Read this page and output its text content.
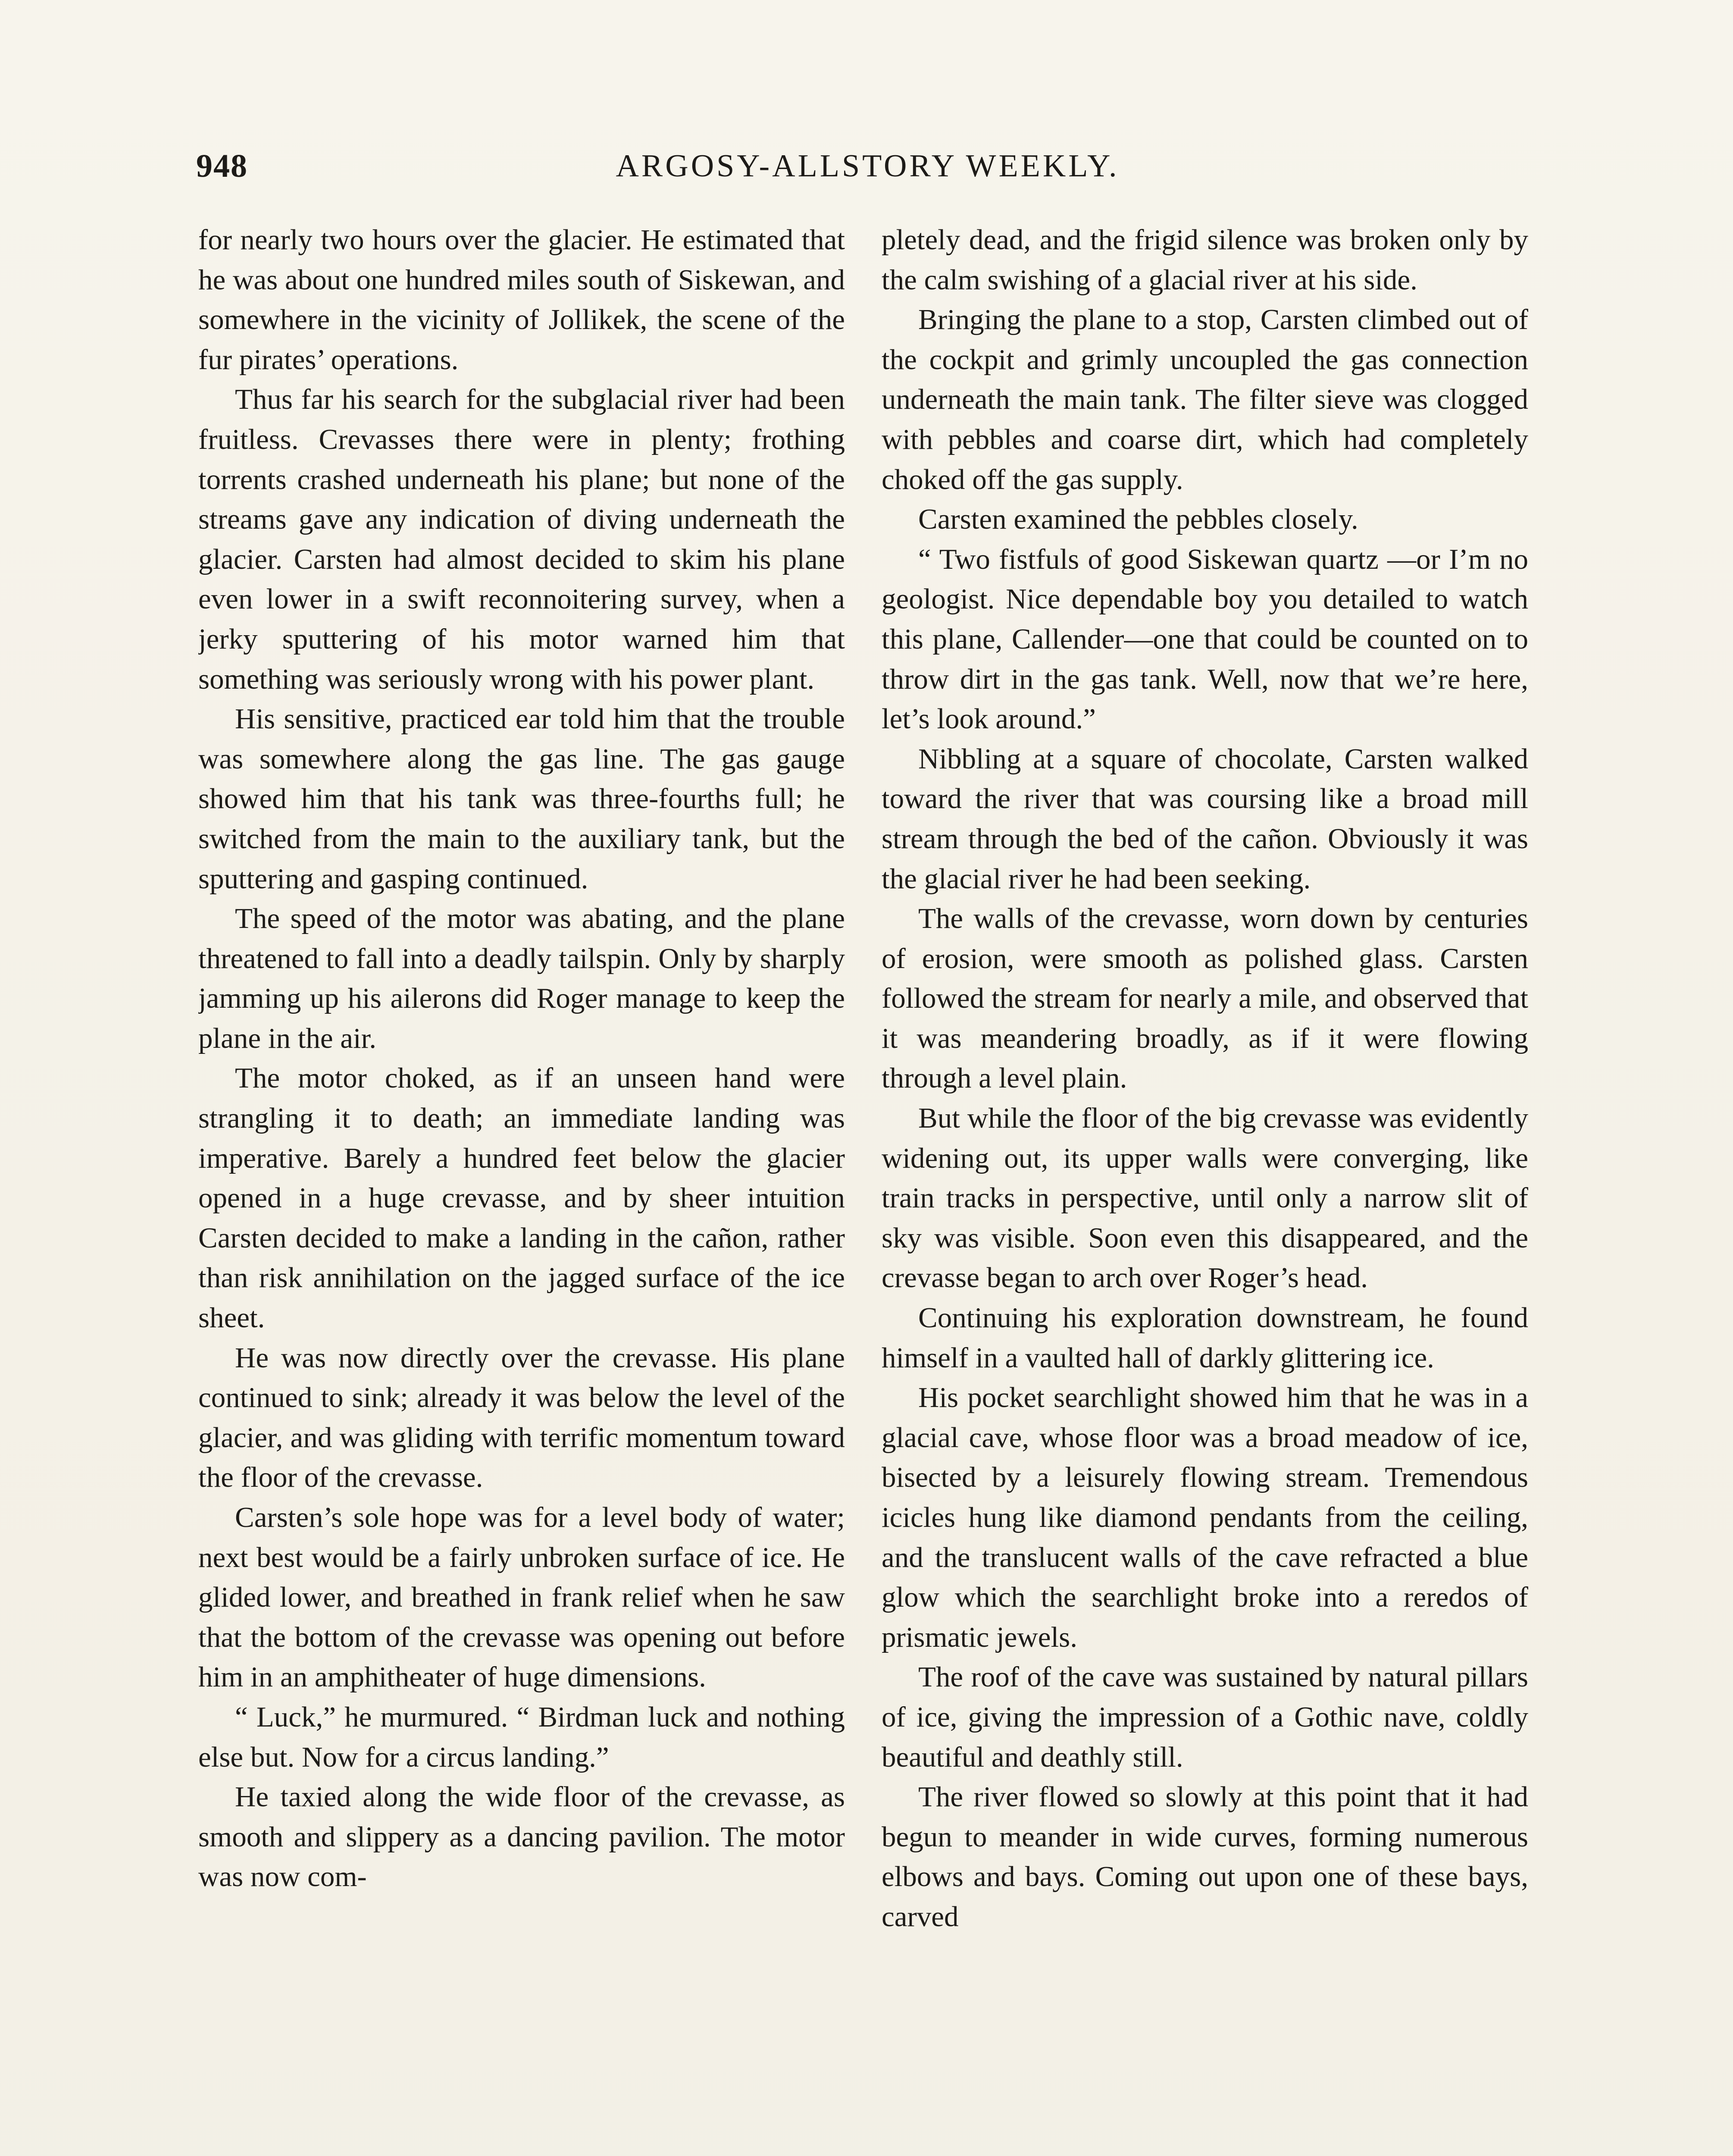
948	ARGOSY-ALLSTORY WEEKLY.

for nearly two hours over the glacier. He estimated that he was about one hundred miles south of Siskewan, and somewhere in the vicinity of Jollikek, the scene of the fur pirates’ operations.

Thus far his search for the subglacial river had been fruitless. Crevasses there were in plenty; frothing torrents crashed underneath his plane; but none of the streams gave any indication of diving underneath the glacier. Carsten had almost decided to skim his plane even lower in a swift reconnoitering survey, when a jerky sputtering of his motor warned him that something was seriously wrong with his power plant.

His sensitive, practiced ear told him that the trouble was somewhere along the gas line. The gas gauge showed him that his tank was three-fourths full; he switched from the main to the auxiliary tank, but the sputtering and gasping continued.

The speed of the motor was abating, and the plane threatened to fall into a deadly tailspin. Only by sharply jamming up his ailerons did Roger manage to keep the plane in the air.

The motor choked, as if an unseen hand were strangling it to death; an immediate landing was imperative. Barely a hundred feet below the glacier opened in a huge crevasse, and by sheer intuition Carsten decided to make a landing in the cañon, rather than risk annihilation on the jagged surface of the ice sheet.

He was now directly over the crevasse. His plane continued to sink; already it was below the level of the glacier, and was gliding with terrific momentum toward the floor of the crevasse.

Carsten’s sole hope was for a level body of water; next best would be a fairly unbroken surface of ice. He glided lower, and breathed in frank relief when he saw that the bottom of the crevasse was opening out before him in an amphitheater of huge dimensions.

“ Luck,” he murmured. “ Birdman luck and nothing else but. Now for a circus landing.”

He taxied along the wide floor of the crevasse, as smooth and slippery as a dancing pavilion. The motor was now com-

pletely dead, and the frigid silence was broken only by the calm swishing of a glacial river at his side.

Bringing the plane to a stop, Carsten climbed out of the cockpit and grimly uncoupled the gas connection underneath the main tank. The filter sieve was clogged with pebbles and coarse dirt, which had completely choked off the gas supply.

Carsten examined the pebbles closely.

“ Two fistfuls of good Siskewan quartz —or I’m no geologist. Nice dependable boy you detailed to watch this plane, Callender—one that could be counted on to throw dirt in the gas tank. Well, now that we’re here, let’s look around.”

Nibbling at a square of chocolate, Carsten walked toward the river that was coursing like a broad mill stream through the bed of the cañon. Obviously it was the glacial river he had been seeking.

The walls of the crevasse, worn down by centuries of erosion, were smooth as polished glass. Carsten followed the stream for nearly a mile, and observed that it was meandering broadly, as if it were flowing through a level plain.

But while the floor of the big crevasse was evidently widening out, its upper walls were converging, like train tracks in perspective, until only a narrow slit of sky was visible. Soon even this disappeared, and the crevasse began to arch over Roger’s head.

Continuing his exploration downstream, he found himself in a vaulted hall of darkly glittering ice.

His pocket searchlight showed him that he was in a glacial cave, whose floor was a broad meadow of ice, bisected by a leisurely flowing stream. Tremendous icicles hung like diamond pendants from the ceiling, and the translucent walls of the cave refracted a blue glow which the searchlight broke into a reredos of prismatic jewels.

The roof of the cave was sustained by natural pillars of ice, giving the impression of a Gothic nave, coldly beautiful and deathly still.

The river flowed so slowly at this point that it had begun to meander in wide curves, forming numerous elbows and bays. Coming out upon one of these bays, carved
